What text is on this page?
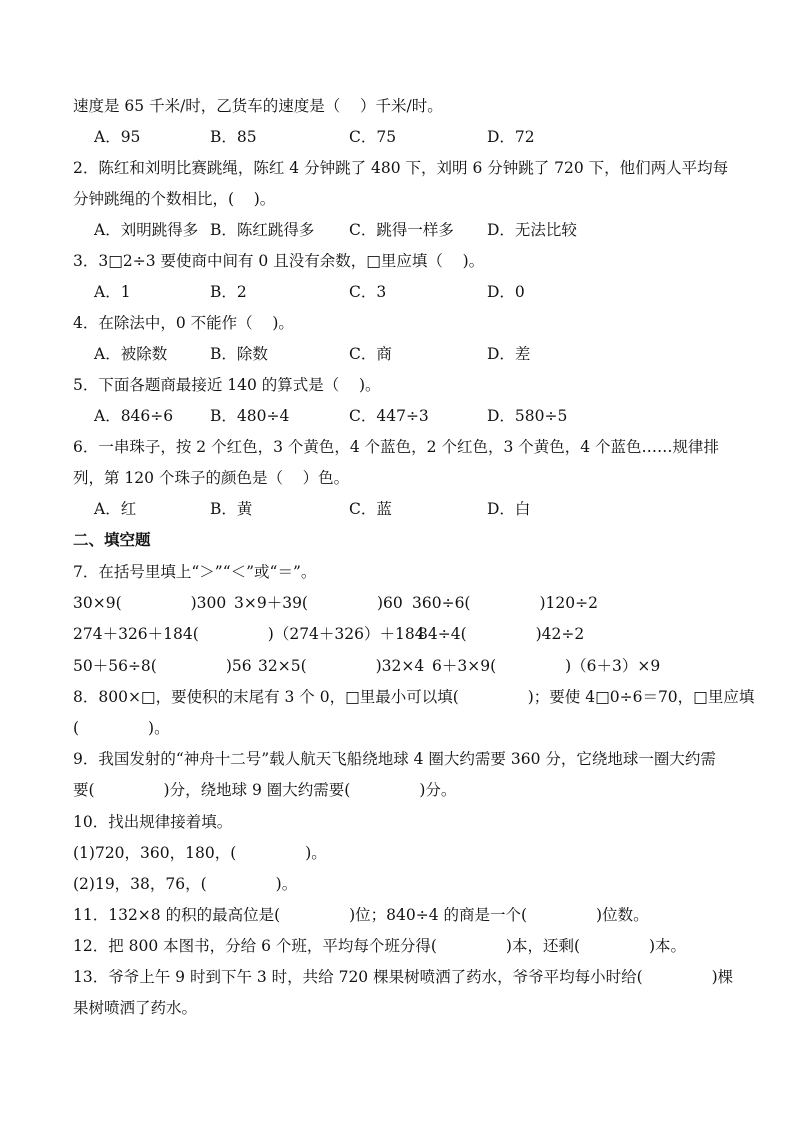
速度是 65 千米/时，乙货车的速度是（    ）千米/时。
A．95	B．85	C．75	D．72
2．陈红和刘明比赛跳绳，陈红 4 分钟跳了 480 下，刘明 6 分钟跳了 720 下，他们两人平均每
分钟跳绳的个数相比，(    )。
A．刘明跳得多 B．陈红跳得多 C．跳得一样多 D．无法比较
3．3□2÷3 要使商中间有 0 且没有余数，□里应填（    )。
A．1	B．2	C．3	D．0
4．在除法中，0 不能作（    )。
A．被除数	B．除数	C．商	D．差
5．下面各题商最接近 140 的算式是（    )。
A．846÷6 B．480÷4	C．447÷3	D．580÷5
6．一串珠子，按 2 个红色，3 个黄色，4 个蓝色，2 个红色，3 个黄色，4 个蓝色……规律排
列，第 120 个珠子的颜色是（    ）色。
A．红	B．黄	C．蓝	D．白
二、填空题
7．在括号里填上“＞”“＜”或“＝”。
30×9(              )300 3×9＋39(              )60 360÷6(              )120÷2
274＋326＋184(              )（274＋326）＋184
84÷4(              )42÷2
50＋56÷8(              )56 32×5(              )32×4 6＋3×9(              )（6＋3）×9
8．800×□，要使积的末尾有 3 个 0，□里最小可以填(              )；要使 4□0÷6＝70，□里应填
(              )。
9．我国发射的“神舟十二号”载人航天飞船绕地球 4 圈大约需要 360 分，它绕地球一圈大约需
要(              )分，绕地球 9 圈大约需要(              )分。
10．找出规律接着填。
(1)720，360，180，(              )。
(2)19，38，76，(              )。
11．132×8 的积的最高位是(              )位；840÷4 的商是一个(              )位数。
12．把 800 本图书，分给 6 个班，平均每个班分得(              )本，还剩(              )本。
13．爷爷上午 9 时到下午 3 时，共给 720 棵果树喷洒了药水，爷爷平均每小时给(              )棵
果树喷洒了药水。
